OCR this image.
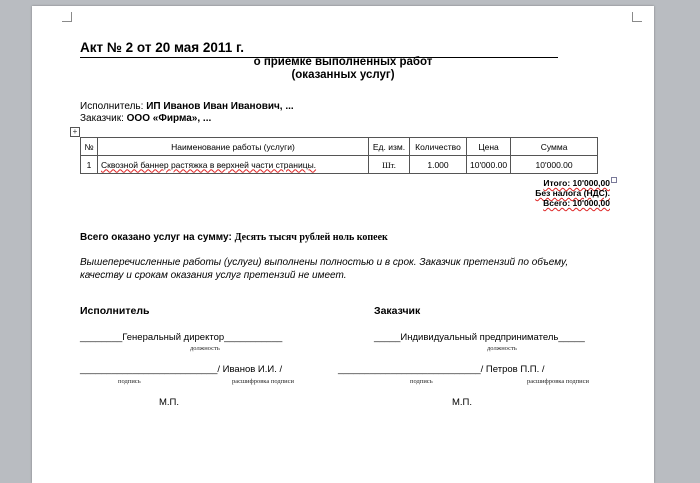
Акт № 2 от 20 мая 2011 г.
о приемке выполненных работ
(оказанных услуг)
Исполнитель: ИП Иванов Иван Иванович, ...
Заказчик: ООО «Фирма», ...
+
№	Наименование работы (услуги)	Ед. изм.	Количество	Цена	Сумма
1	Сквозной баннер растяжка в верхней части страницы.	Шт.	1.000	10'000.00	10'000.00
Итого: 10'000,00
Без налога (НДС).
Всего: 10'000,00
Всего оказано услуг на сумму: Десять тысяч рублей ноль копеек
Вышеперечисленные работы (услуги) выполнены полностью и в срок. Заказчик претензий по объему,
качеству и срокам оказания услуг претензий не имеет.
Исполнитель	Заказчик
________Генеральный директор___________
должность
_____Индивидуальный предприниматель_____
должность
__________________________/ Иванов И.И. /
подпись	расшифровка подписи
___________________________/ Петров П.П. /
подпись	расшифровка подписи
М.П.	М.П.
